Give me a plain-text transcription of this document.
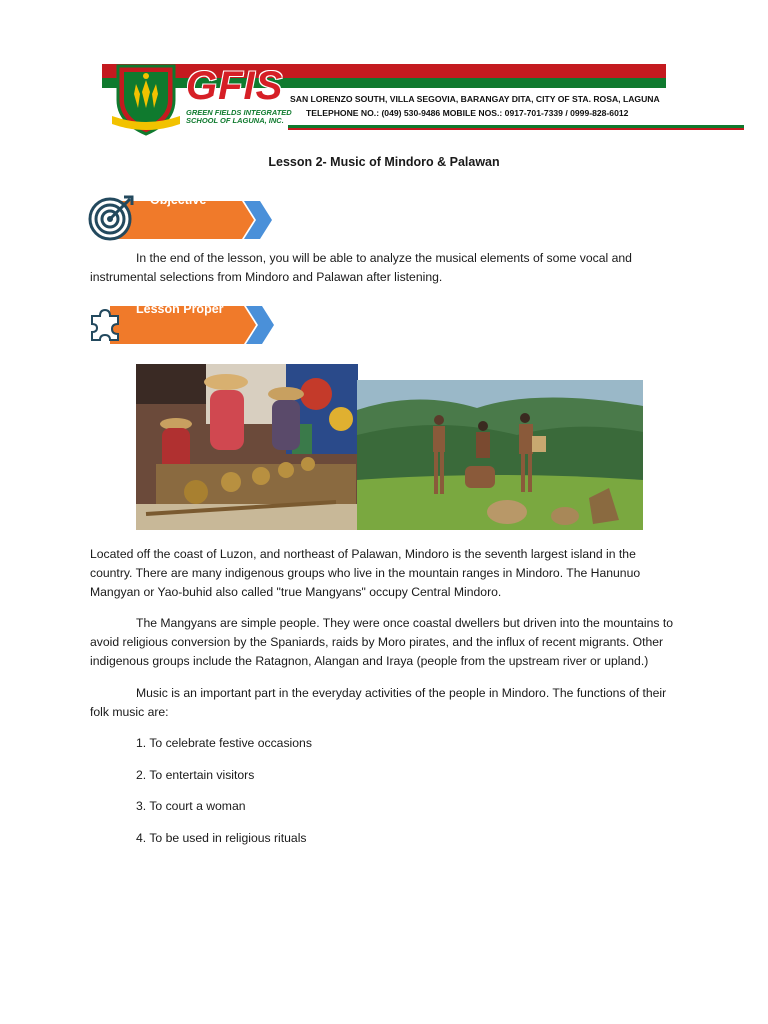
GFIS
GREEN FIELDS INTEGRATED SCHOOL OF LAGUNA, INC.
SAN LORENZO SOUTH, VILLA SEGOVIA, BARANGAY DITA, CITY OF STA. ROSA, LAGUNA
TELEPHONE NO.: (049) 530-9486 MOBILE NOS.: 0917-701-7339 / 0999-828-6012
Lesson 2- Music of Mindoro & Palawan
Objective

In the end of the lesson, you will be able to analyze the musical elements of some vocal and instrumental selections from Mindoro and Palawan after listening.

Lesson Proper

Located off the coast of Luzon, and northeast of Palawan, Mindoro is the seventh largest island in the country. There are many indigenous groups who live in the mountain ranges in Mindoro. The Hanunuo Mangyan or Yao-buhid also called "true Mangyans" occupy Central Mindoro.

The Mangyans are simple people. They were once coastal dwellers but driven into the mountains to avoid religious conversion by the Spaniards, raids by Moro pirates, and the influx of recent migrants. Other indigenous groups include the Ratagnon, Alangan and Iraya (people from the upstream river or upland.)

Music is an important part in the everyday activities of the people in Mindoro. The functions of their folk music are:

1. To celebrate festive occasions
2. To entertain visitors
3. To court a woman
4. To be used in religious rituals
